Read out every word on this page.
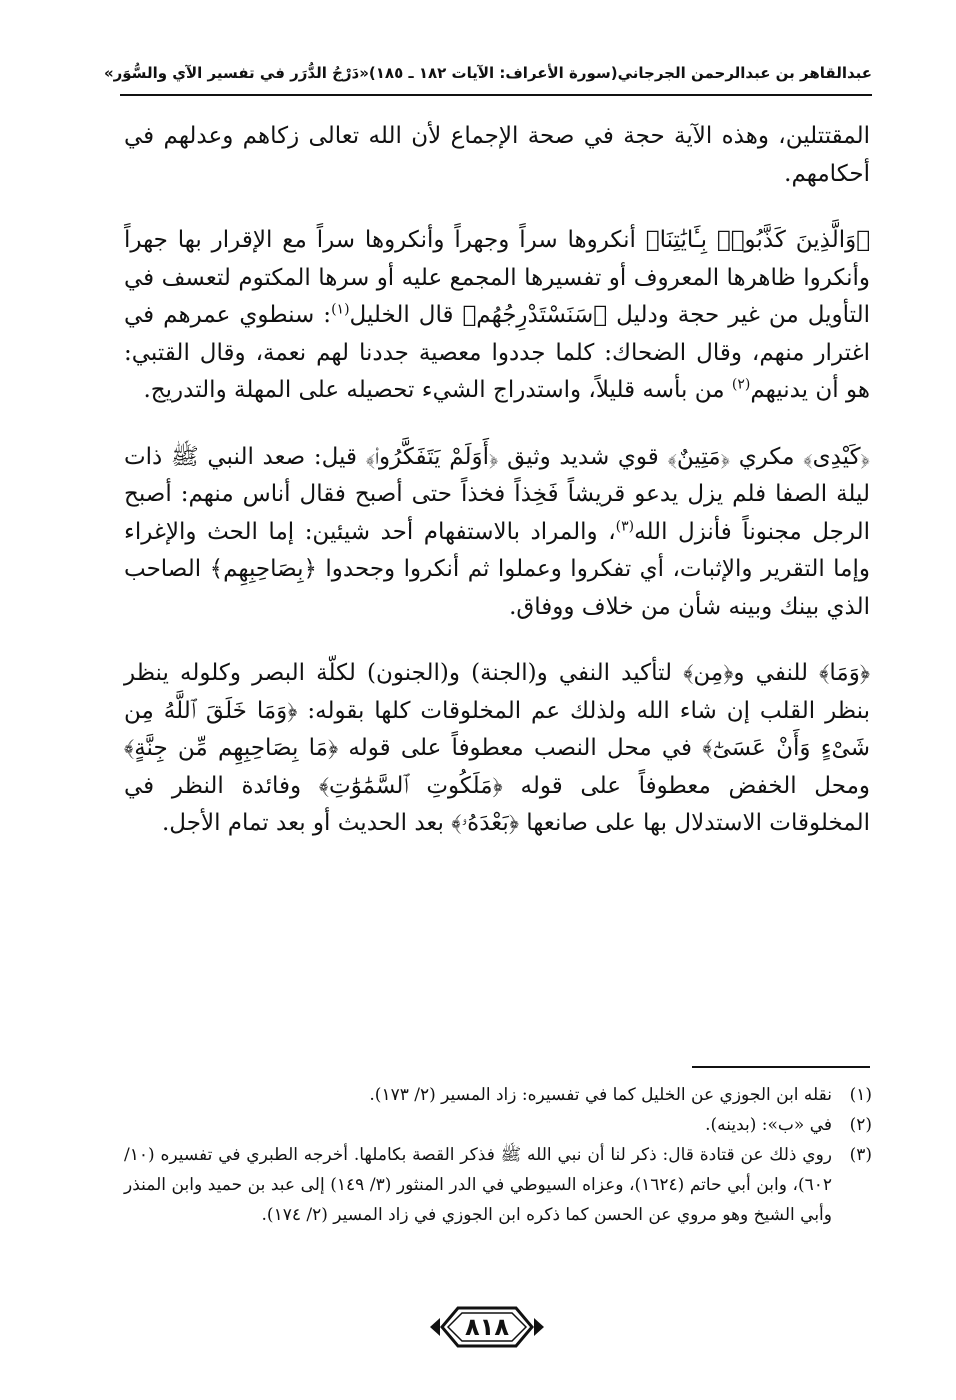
عبدالقاهر بن عبدالرحمن الجرجاني
(سورة الأعراف: الآيات ١٨٢ ـ ١٨٥)
«دَرْجُ الدُّرَر في تفسير الآي والسُّوَر»

المقتتلين، وهذه الآية حجة في صحة الإجماع لأن الله تعالى زكاهم وعدلهم في أحكامهم.

﴿وَالَّذِينَ كَذَّبُوا۟ بِـَٔايَٰتِنَا﴾ أنكروها سراً وجهراً وأنكروها سراً مع الإقرار بها جهراً وأنكروا ظاهرها المعروف أو تفسيرها المجمع عليه أو سرها المكتوم لتعسف في التأويل من غير حجة ودليل ﴿سَنَسْتَدْرِجُهُم﴾ قال الخليل$^{(١)}$: سنطوي عمرهم في اغترار منهم، وقال الضحاك: كلما جددوا معصية جددنا لهم نعمة، وقال القتبي: هو أن يدنيهم$^{(٢)}$ من بأسه قليلاً، واستدراج الشيء تحصيله على المهلة والتدريج.

﴿كَيْدِى﴾ مكري ﴿مَتِينٌ﴾ قوي شديد وثيق ﴿أَوَلَمْ يَتَفَكَّرُوا۟﴾ قيل: صعد النبي ﷺ ذات ليلة الصفا فلم يزل يدعو قريشاً فَخِذاً فخذاً حتى أصبح فقال أناس منهم: أصبح الرجل مجنوناً فأنزل الله$^{(٣)}$، والمراد بالاستفهام أحد شيئين: إما الحث والإغراء وإما التقرير والإثبات، أي تفكروا وعملوا ثم أنكروا وجحدوا ﴿بِصَاحِبِهِم﴾ الصاحب الذي بينك وبينه شأن من خلاف ووفاق.

﴿وَمَا﴾ للنفي و﴿مِن﴾ لتأكيد النفي و(الجنة) و(الجنون) لكلّة البصر وكلوله ينظر بنظر القلب إن شاء الله ولذلك عم المخلوقات كلها بقوله: ﴿وَمَا خَلَقَ ٱللَّهُ مِن شَىْءٍ وَأَنْ عَسَىٰٓ﴾ في محل النصب معطوفاً على قوله ﴿مَا بِصَاحِبِهِم مِّن جِنَّةٍ﴾ ومحل الخفض معطوفاً على قوله ﴿مَلَكُوتِ ٱلسَّمَٰوَٰتِ﴾ وفائدة النظر في المخلوقات الاستدلال بها على صانعها ﴿بَعْدَهُۥ﴾ بعد الحديث أو بعد تمام الأجل.

(١)
نقله ابن الجوزي عن الخليل كما في تفسيره: زاد المسير (٢/ ١٧٣).
(٢)
في «ب»: (بدينه).
(٣)
روي ذلك عن قتادة قال: ذكر لنا أن نبي الله ﷺ فذكر القصة بكاملها. أخرجه الطبري في تفسيره (١٠/ ٦٠٢)، وابن أبي حاتم (١٦٢٤)، وعزاه السيوطي في الدر المنثور (٣/ ١٤٩) إلى عبد بن حميد وابن المنذر وأبي الشيخ وهو مروي عن الحسن كما ذكره ابن الجوزي في زاد المسير (٢/ ١٧٤).
٨١٨
